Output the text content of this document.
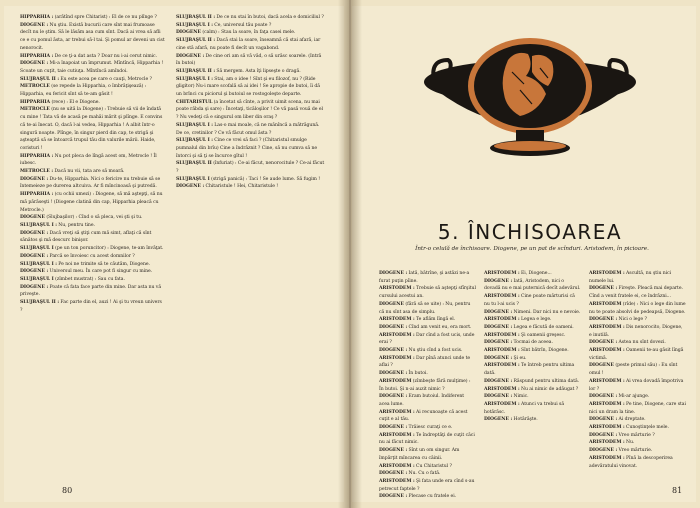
HIPPARHIA : (arătînd spre Chitarist) : El de ce nu plînge ?

DIOGENE : Nu ştiu. Există bucurii care sînt mai frumoase decît nu le ştim. Să le lăsăm asa cum sînt. Dacă ai vrea să afli ce e cu pomul ăsta, ar trebui să-l tai. Şi pomul ar deveni un cist nenorocit.

HIPPARHIA : De ce ţi-a dat asta ? Doar nu i-ai cerut nimic.

DIOGENE : Mi-a înapoiat un împrumut. Mîntîncă, Hipparhia ! Scoate un cuţit, taie cutiuţa. Mîntîncă amîndoi.

SLUJBAŞUL II : Eu este acea pe care o cauţi, Metrocle ?

METROCLE (se repede la Hipparhia, o îmbrăţişează) : Hipparhia, eu fericit sînt să te-am găsit !

HIPPARHIA (rece) : El e Diogene.

METROCLE (nu se uită la Diogene) : Trebuie să vii de îndată cu mine ! Tata vă de acasă pe mahăi mărit şi plînge. E convins că te-ai înecat. O, dacă l-ai vedea, Hipparhia ! A albit într-o singură noapte. Plînge, în singur pierd din cap, te strigă şi aşteaptă să se întoarcă trupul tău din valurile mării. Haide, coristuri !

HIPPARHIA : Nu pot pleca de lîngă acest om, Metrocle ! Îl iubesc.

METROCLE : Dacă nu vii, tata are să moară.

DIOGENE : Du-te, Hipparhia. Nici o fericire nu trebuie să se întemeieze pe durerea altcuiva. Ar fi mîncinoasă şi putredă.

HIPPARHIA : (cu ochii umezi) : Diogene, să mă aştepţi, să nu mă părăseşti ! (Diogene clatină din cap, Hipparhia pleacă cu Metrocle.)

DIOGENE (Slujbaşilor) : Cînd o să pleca, vei şti şi tu.

SLUJBAŞUL I : Nu, pentru tine.

DIOGENE : Dacă vreţi să ştiţi cum mă simt, aflaţi că sînt sănătos şi mă descurc binişor.

SLUJBAŞUL I (pe un ton poruncitor) : Diogene, te-am învăţat.

DIOGENE : Parcă se învoiesc cu acest domnilor ?

SLUJBAŞUL I : Pe noi ne trimite să te căutăm, Diogene.

DIOGENE : Universul meu. În care pot fi singur cu mine.

SLUJBAŞUL I (zîmbet mustrat) : Sau cu fata.

DIOGENE : Poate că fata face parte din mine. Dar asta nu vă priveşte.

SLUJBAŞUL II : Fac parte din el, auzi ! Ai şi tu vreun univers ?

SLUJBAŞUL II : De ce nu stai în butoi, dacă acela e domiciliul ?

SLUJBAŞUL I : Ce, universul tău poate ?

DIOGENE (calm) : Stau la soare, în faţa casei mele.

SLUJBAŞUL II : Dacă stai la soare, înseamnă că stai afară, iar cine stă afară, nu poate fi decît un vagabond.

DIOGENE : De cine ori am să vă văd, o să urăsc soarele. (Intră în butoi)

SLUJBAŞUL II : Să mergem. Asta îţi lipseşte o dragă.

SLUJBAŞUL I : Stai, am o idee ! Sînt şi eu filozof, nu ? (Ride gligitor) Nu-i mare scofală să ai idei ! Se apropie de butoi, îi dă un brînci cu piciorul şi butoiul se rostogoleşte departe.

CHITARISTUL (a încetat să cînte, a privit uimit scena, nu mai poate răbda şi sare) : Încetaţi, ticăloşilor ! Ce vă pasă vouă de el ? Nu vedeţi că e singurul om liber din oraş ?

SLUJBAŞUL I : Las-o mai moale, că ne mănîncă a mătrăgună. De ce, cretinilor ? Ce vă făcut omul ăsta ?

SLUJBAŞUL I : Cine ce vrei să faci ? (Chitaristul smulge pumnalul din brîu) Cine a îndrăznit ? Cine, să nu cumva să ne întorci şi să ţi se încurce gîtul !

SLUJBAŞUL II (înfuriat) : Ce-ai făcut, nenorocitule ? Ce-ai făcut ?

SLUJBAŞUL I (strigă panică) : Taci ! Se aude lume. Să fugim !

DIOGENE : Chitaristule ! Hei, Chitaristule !

80
5. ÎNCHISOAREA
Într-o celulă de închisoare. Diogene, pe un pat de scînduri. Aristodem, în picioare.

DIOGENE : Iată, bătrîne, şi astăzi ne-a furat puţin pîine.

ARISTODEM : Trebuie să aştepţi sfîrşitul cursului acestui an.

DIOGENE (fără să se uite) : Nu, pentru că nu sînt asa de simplu.

ARISTODEM : Te aflăm lîngă el.

DIOGENE : Cînd am venit eu, era mort.

ARISTODEM : Dar cînd a fost ucis, unde erai ?

DIOGENE : Nu ştiu cînd a fost ucis.

ARISTODEM : Dar pînă atunci unde te aflai ?

DIOGENE : În butoi.

ARISTODEM (zîmbeşte fără mulţime) : În butoi. Şi n-ai auzit nimic ?

DIOGENE : Eram butoiul. Indiferent acea lume.

ARISTODEM : Ai recunoaşte că acest cuţit e al tău.

DIOGENE : Trăiesc curaţi ce e.

ARISTODEM : Te îndreptăţi de cuţit căci nu ai făcut nimic.

DIOGENE : Sînt un om singur. Am împărţit mîncarea cu câinii.

ARISTODEM : Cu Chitaristul ?

DIOGENE : Nu. Cu o fată.

ARISTODEM : Şi fata unde era cînd s-au petrecut faptele ?

DIOGENE : Plecase cu fratele ei.

ARISTODEM : Ei, Diogene...

DIOGENE : Iată, Aristodem, nici o dovadă nu e mai puternică decît adevărul.

ARISTODEM : Cine poate mărturisi că nu tu l-ai ucis ?

DIOGENE : Nimeni. Dar nici nu e nevoie.

ARISTODEM : Legea e lege.

DIOGENE : Legea e făcută de oameni.

ARISTODEM : Şi oamenii greşesc.

DIOGENE : Tocmai de aceea.

ARISTODEM : Sînt bătrîn, Diogene.

DIOGENE : Şi eu.

ARISTODEM : Te întreb pentru ultima dată.

DIOGENE : Răspund pentru ultima dată.

ARISTODEM : Nu ai nimic de adăugat ?

DIOGENE : Nimic.

ARISTODEM : Atunci va trebui să hotărăsc.

DIOGENE : Hotărăşte.

ARISTODEM : Ascultă, nu ştiu nici numele lui.

DIOGENE : Fireşte. Pleacă mai departe. Cînd a venit fratele ei, ce îndrăzni...

ARISTODEM (rîde) : Nici o lege din lume nu te poate absolvi de pedeapsă, Diogene.

DIOGENE : Nici o lege ?

ARISTODEM : Dis nenorocito, Diogene, e inutilă.

DIOGENE : Astea nu sînt dovezi.

ARISTODEM : Oamenii te-au găsit lîngă victimă.

DIOGENE (peste primul său) : Eu sînt omul !

ARISTODEM : Ai vrea dovadă împotriva lor ?

DIOGENE : Mi-ar ajunge.

ARISTODEM : Pe tine, Diogene, care stai nici un dram la tine.

DIOGENE : Ai dreptate.

ARISTODEM : Cunoştinţele mele.

DIOGENE : Vreo mărturie ?

ARISTODEM : Nu.

DIOGENE : Vreo mărturie.

ARISTODEM : Pînă la descoperirea adevăratului vinovat.

81
